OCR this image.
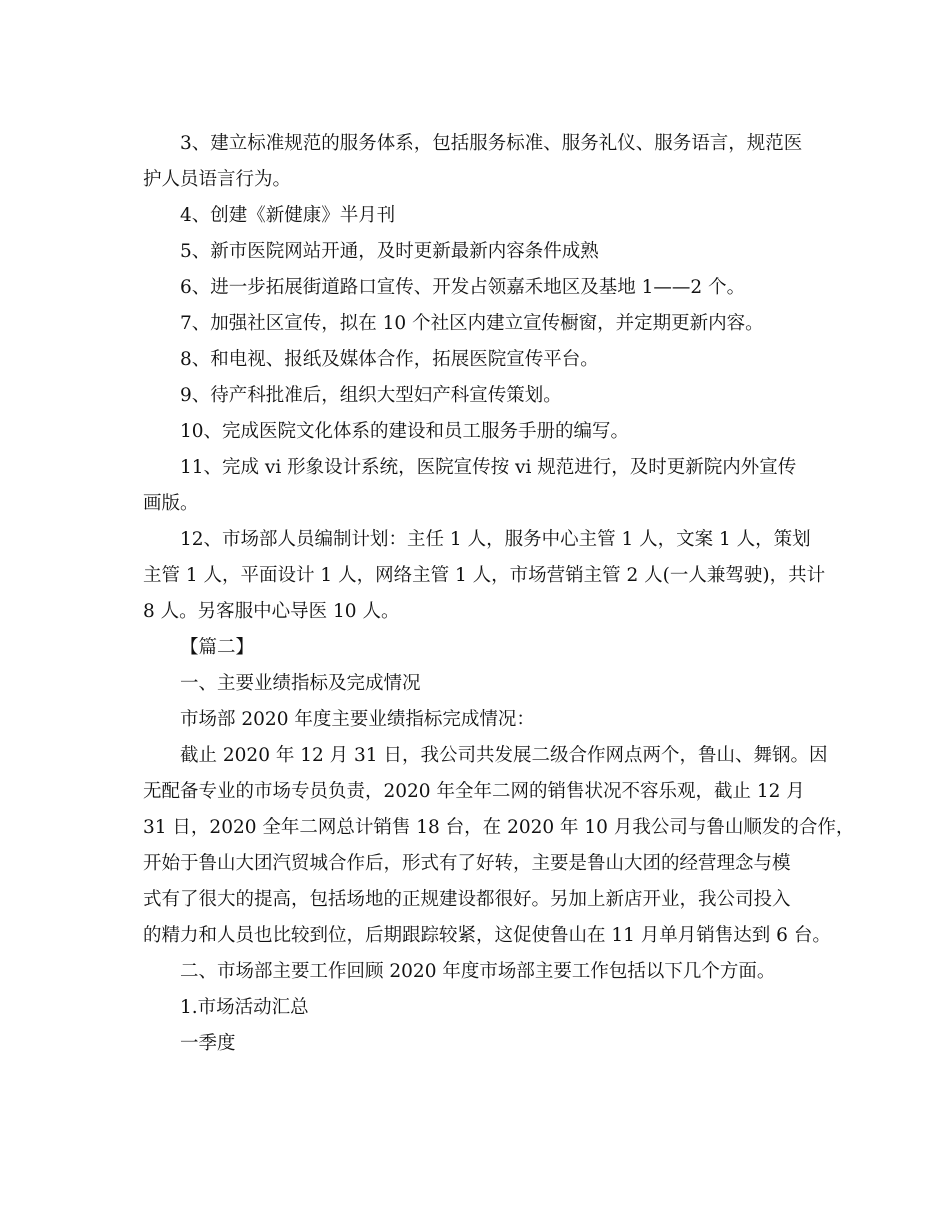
3、建立标准规范的服务体系，包括服务标准、服务礼仪、服务语言，规范医
护人员语言行为。
4、创建《新健康》半月刊
5、新市医院网站开通，及时更新最新内容条件成熟
6、进一步拓展街道路口宣传、开发占领嘉禾地区及基地 1——2 个。
7、加强社区宣传，拟在 10 个社区内建立宣传橱窗，并定期更新内容。
8、和电视、报纸及媒体合作，拓展医院宣传平台。
9、待产科批准后，组织大型妇产科宣传策划。
10、完成医院文化体系的建设和员工服务手册的编写。
11、完成 vi 形象设计系统，医院宣传按 vi 规范进行，及时更新院内外宣传
画版。
12、市场部人员编制计划：主任 1 人，服务中心主管 1 人，文案 1 人，策划
主管 1 人，平面设计 1 人，网络主管 1 人，市场营销主管 2 人(一人兼驾驶)，共计
8 人。另客服中心导医 10 人。
【篇二】
一、主要业绩指标及完成情况
市场部 2020 年度主要业绩指标完成情况：
截止 2020 年 12 月 31 日，我公司共发展二级合作网点两个，鲁山、舞钢。因
无配备专业的市场专员负责，2020 年全年二网的销售状况不容乐观，截止 12 月
31 日，2020 全年二网总计销售 18 台，在 2020 年 10 月我公司与鲁山顺发的合作，
开始于鲁山大团汽贸城合作后，形式有了好转，主要是鲁山大团的经营理念与模
式有了很大的提高，包括场地的正规建设都很好。另加上新店开业，我公司投入
的精力和人员也比较到位，后期跟踪较紧，这促使鲁山在 11 月单月销售达到 6 台。
二、市场部主要工作回顾 2020 年度市场部主要工作包括以下几个方面。
1.市场活动汇总
一季度
